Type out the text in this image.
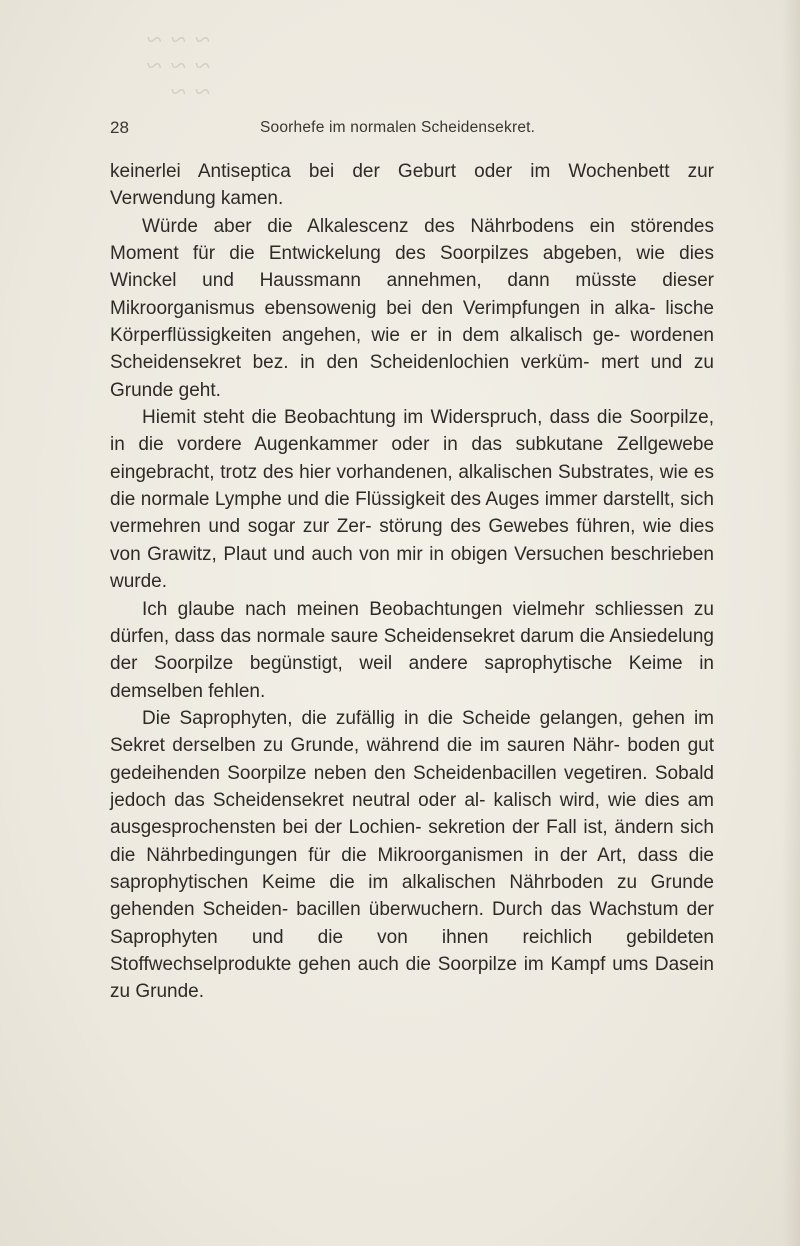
~ ~ ~
~ ~ ~
~ ~
28	Soorhefe im normalen Scheidensekret.

keinerlei Antiseptica bei der Geburt oder im Wochenbett zur Verwendung kamen.

Würde aber die Alkalescenz des Nährbodens ein störendes Moment für die Entwickelung des Soorpilzes abgeben, wie dies Winckel und Haussmann annehmen, dann müsste dieser Mikroorganismus ebensowenig bei den Verimpfungen in alka- lische Körperflüssigkeiten angehen, wie er in dem alkalisch ge- wordenen Scheidensekret bez. in den Scheidenlochien verküm- mert und zu Grunde geht.

Hiemit steht die Beobachtung im Widerspruch, dass die Soorpilze, in die vordere Augenkammer oder in das subkutane Zellgewebe eingebracht, trotz des hier vorhandenen, alkalischen Substrates, wie es die normale Lymphe und die Flüssigkeit des Auges immer darstellt, sich vermehren und sogar zur Zer- störung des Gewebes führen, wie dies von Grawitz, Plaut und auch von mir in obigen Versuchen beschrieben wurde.

Ich glaube nach meinen Beobachtungen vielmehr schliessen zu dürfen, dass das normale saure Scheidensekret darum die Ansiedelung der Soorpilze begünstigt, weil andere saprophytische Keime in demselben fehlen.

Die Saprophyten, die zufällig in die Scheide gelangen, gehen im Sekret derselben zu Grunde, während die im sauren Nähr- boden gut gedeihenden Soorpilze neben den Scheidenbacillen vegetiren. Sobald jedoch das Scheidensekret neutral oder al- kalisch wird, wie dies am ausgesprochensten bei der Lochien- sekretion der Fall ist, ändern sich die Nährbedingungen für die Mikroorganismen in der Art, dass die saprophytischen Keime die im alkalischen Nährboden zu Grunde gehenden Scheiden- bacillen überwuchern. Durch das Wachstum der Saprophyten und die von ihnen reichlich gebildeten Stoffwechselprodukte gehen auch die Soorpilze im Kampf ums Dasein zu Grunde.
